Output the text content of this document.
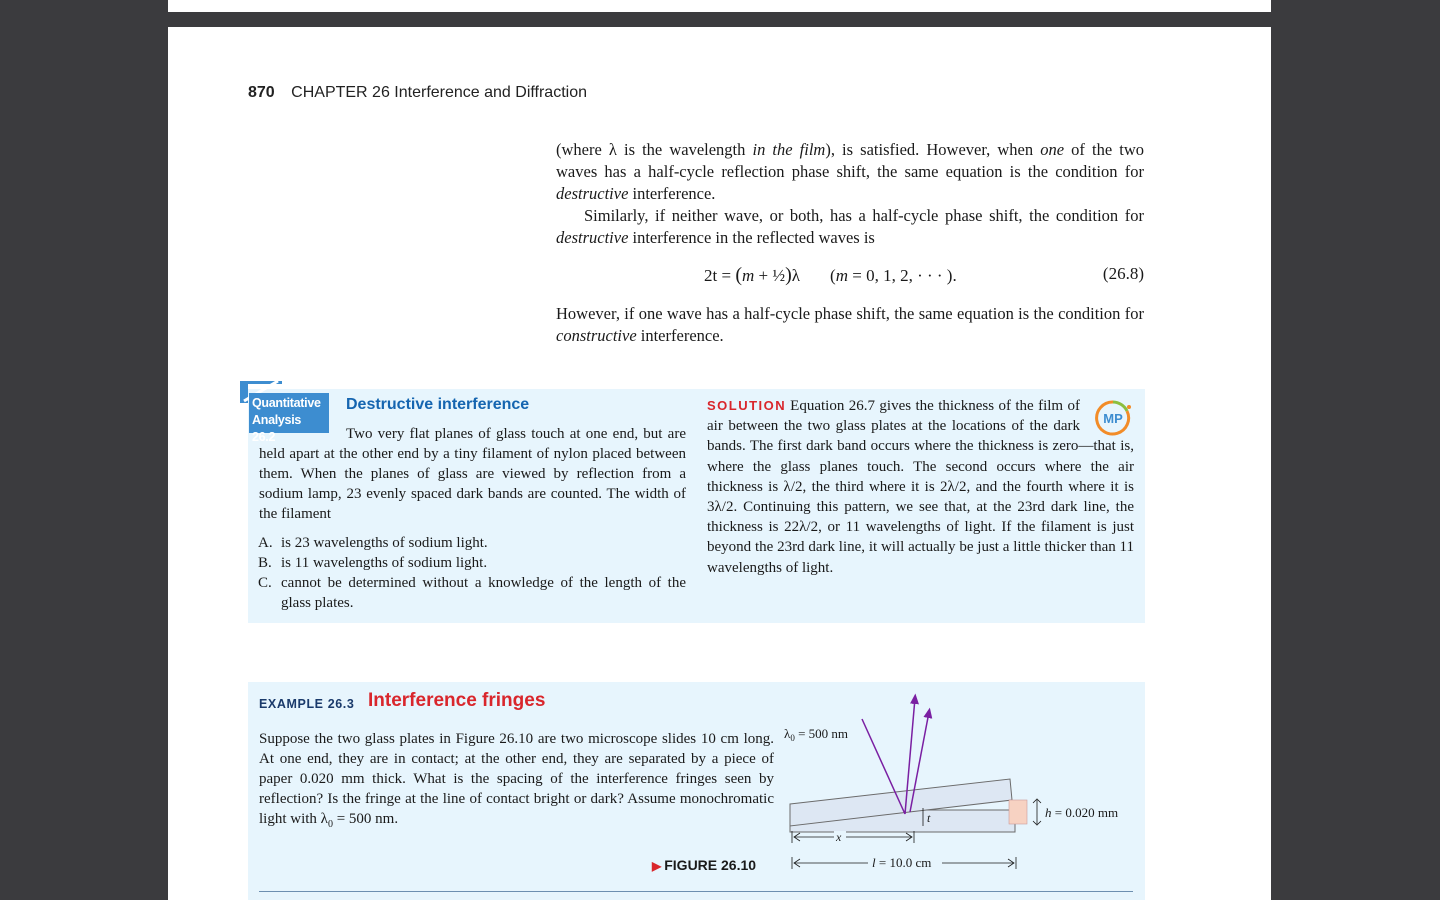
870 CHAPTER 26 Interference and Diffraction
(where λ is the wavelength in the film), is satisfied. However, when one of the two waves has a half-cycle reflection phase shift, the same equation is the condition for destructive interference.
Similarly, if neither wave, or both, has a half-cycle phase shift, the condition for destructive interference in the reflected waves is
2t = (m + ½)λ (m = 0, 1, 2, · · · ).	(26.8)
However, if one wave has a half-cycle phase shift, the same equation is the condition for constructive interference.
Quantitative
Analysis 26.2
Destructive interference
Two very flat planes of glass touch at one end, but are held apart at the other end by a tiny filament of nylon placed between them. When the planes of glass are viewed by reflection from a sodium lamp, 23 evenly spaced dark bands are counted. The width of the filament
A. is 23 wavelengths of sodium light.
B. is 11 wavelengths of sodium light.
C. cannot be determined without a knowledge of the length of the glass plates.
SOLUTION Equation 26.7 gives the thickness of the film of air between the two glass plates at the locations of the dark bands. The first dark band occurs where the thickness is zero—that is, where the glass planes touch. The second occurs where the air thickness is λ/2, the third where it is 2λ/2, and the fourth where it is 3λ/2. Continuing this pattern, we see that, at the 23rd dark line, the thickness is 22λ/2, or 11 wavelengths of light. If the filament is just beyond the 23rd dark line, it will actually be just a little thicker than 11 wavelengths of light.
MP
EXAMPLE 26.3 Interference fringes
Suppose the two glass plates in Figure 26.10 are two microscope slides 10 cm long. At one end, they are in contact; at the other end, they are separated by a piece of paper 0.020 mm thick. What is the spacing of the interference fringes seen by reflection? Is the fringe at the line of contact bright or dark? Assume monochromatic light with $\lambda_0 = 500$ nm.
▶ FIGURE 26.10
$\lambda_0 = 500$ nm
t	h = 0.020 mm
x
l = 10.0 cm
